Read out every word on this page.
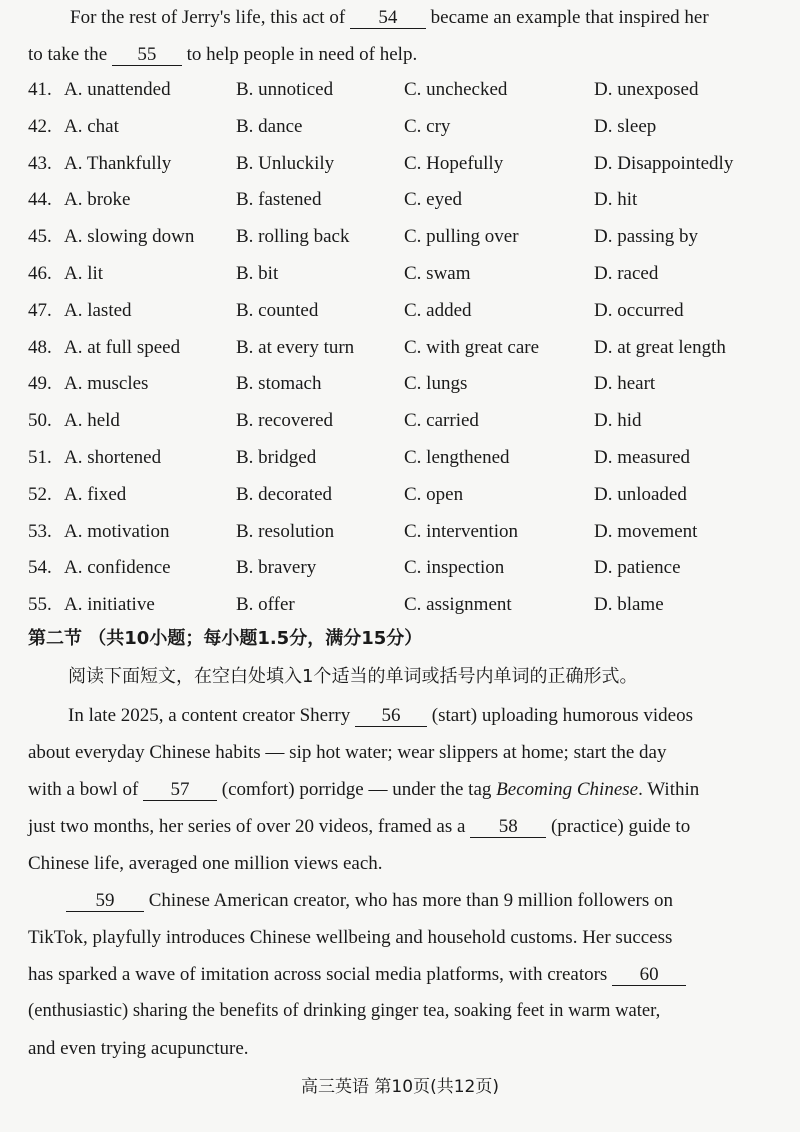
For the rest of Jerry's life, this act of 54 became an example that inspired her
to take the 55 to help people in need of help.
41. A. unattended	B. unnoticed	C. unchecked	D. unexposed
42. A. chat	B. dance	C. cry	D. sleep
43. A. Thankfully	B. Unluckily	C. Hopefully	D. Disappointedly
44. A. broke	B. fastened	C. eyed	D. hit
45. A. slowing down B. rolling back	C. pulling over	D. passing by
46. A. lit	B. bit	C. swam	D. raced
47. A. lasted	B. counted	C. added	D. occurred
48. A. at full speed	B. at every turn	C. with great care	D. at great length
49. A. muscles	B. stomach	C. lungs	D. heart
50. A. held	B. recovered	C. carried	D. hid
51. A. shortened	B. bridged	C. lengthened	D. measured
52. A. fixed	B. decorated	C. open	D. unloaded
53. A. motivation	B. resolution	C. intervention	D. movement
54. A. confidence	B. bravery	C. inspection	D. patience
55. A. initiative	B. offer	C. assignment	D. blame
第二节 （共10小题；每小题1.5分，满分15分）
阅读下面短文，在空白处填入1个适当的单词或括号内单词的正确形式。
In late 2025, a content creator Sherry 56 (start) uploading humorous videos
about everyday Chinese habits — sip hot water; wear slippers at home; start the day
with a bowl of 57 (comfort) porridge — under the tag Becoming Chinese. Within
just two months, her series of over 20 videos, framed as a 58 (practice) guide to
Chinese life, averaged one million views each.
59 Chinese American creator, who has more than 9 million followers on
TikTok, playfully introduces Chinese wellbeing and household customs. Her success
has sparked a wave of imitation across social media platforms, with creators 60
(enthusiastic) sharing the benefits of drinking ginger tea, soaking feet in warm water,
and even trying acupuncture.
高三英语 第10页(共12页)
